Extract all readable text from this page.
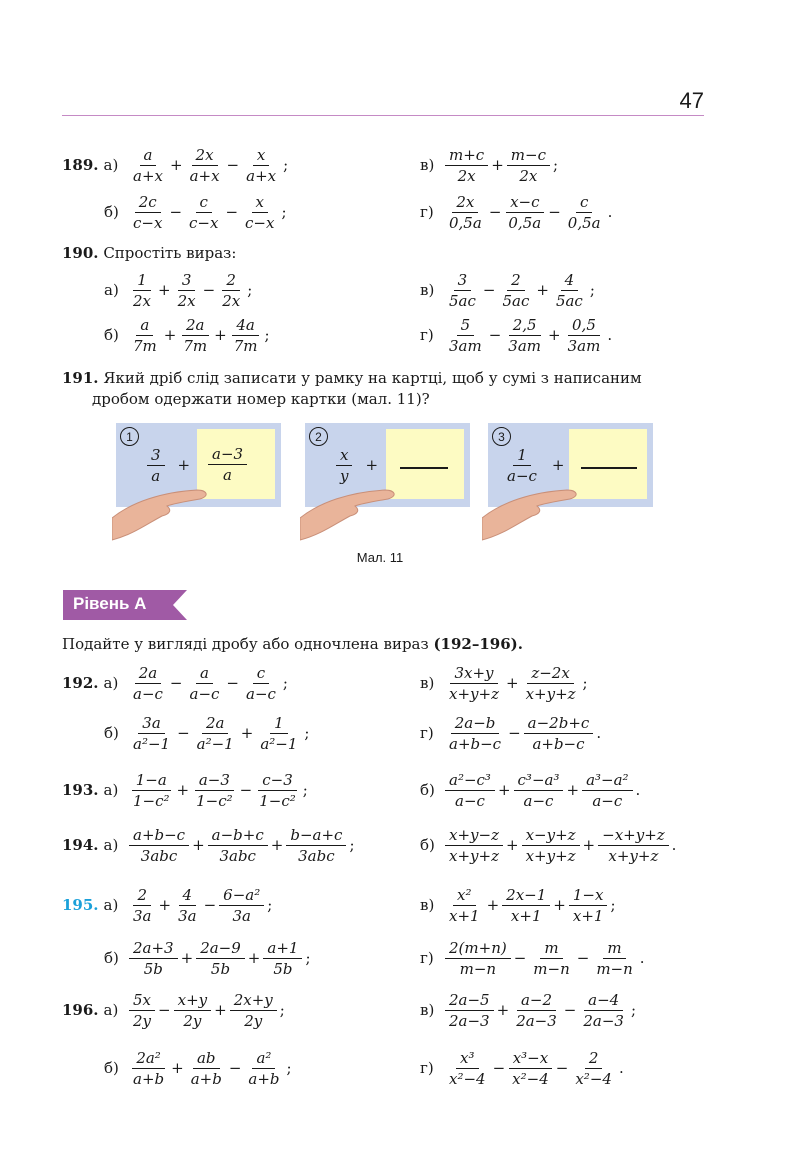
47
189. $а) \frac{a}{a+x} + \frac{2x}{a+x} - \frac{x}{a+x}$ ;	$в) \frac{m+c}{2x} + \frac{m-c}{2x}$ ;
$б) \frac{2c}{c-x} - \frac{c}{c-x} - \frac{x}{c-x}$ ;	$г) \frac{2x}{0,5a} - \frac{x-c}{0,5a} - \frac{c}{0,5a}$ .
190. Спростіть вираз:
$а) \frac{1}{2x} + \frac{3}{2x} - \frac{2}{2x}$ ;	$в) \frac{3}{5ac} - \frac{2}{5ac} + \frac{4}{5ac}$ ;
$б) \frac{a}{7m} + \frac{2a}{7m} + \frac{4a}{7m}$ ;	$г) \frac{5}{3am} - \frac{2,5}{3am} + \frac{0,5}{3am}$ .
191. Який дріб слід записати у рамку на картці, щоб у сумі з написаним
дробом одержати номер картки (мал. 11)?
1
$\frac{3}{a} + \frac{a-3}{a}$
2
$\frac{x}{y}$ +
3
$\frac{1}{a-c}$ +
Мал. 11
Рівень А
Подайте у вигляді дробу або одночлена вираз (192–196).
192. $а) \frac{2a}{a-c} - \frac{a}{a-c} - \frac{c}{a-c}$ ;	$в) \frac{3x+y}{x+y+z} + \frac{z-2x}{x+y+z}$ ;
$б) \frac{3a}{\text{a²−1}} - \frac{2a}{\text{a²−1}} + \frac{1}{\text{a²−1}}$ ;	$г) \frac{2a-b}{a+b-c} - \frac{a-2b+c}{a+b-c}$ .
193. $а) \frac{1-a}{\text{1−c²}} + \frac{a-3}{\text{1−c²}} - \frac{c-3}{\text{1−c²}}$ ;	$б) \frac{\text{a²−c³}}{a-c} + \frac{\text{c³−a³}}{a-c} + \frac{\text{a³−a²}}{a-c}$ .
194. $а) \frac{a+b-c}{\text{3abc}} + \frac{a-b+c}{\text{3abc}} + \frac{b-a+c}{\text{3abc}}$ ;	$б) \frac{x+y-z}{x+y+z} + \frac{x-y+z}{x+y+z} + \frac{-x+y+z}{x+y+z}$ .
195. $а) \frac{2}{3a} + \frac{4}{3a} - \frac{\text{6−a²}}{3a}$ ;	$в) \frac{\text{x²}}{x+1} + \frac{2x-1}{x+1} + \frac{1-x}{x+1}$ ;
$б) \frac{2a+3}{5b} + \frac{2a-9}{5b} + \frac{a+1}{5b}$ ;	$г) \frac{2(m+n)}{m-n} - \frac{m}{m-n} - \frac{m}{m-n}$ .
196. $а) \frac{5x}{2y} - \frac{x+y}{2y} + \frac{2x+y}{2y}$ ;	$в) \frac{2a-5}{2a-3} + \frac{a-2}{2a-3} - \frac{a-4}{2a-3}$ ;
$б) \frac{\text{2a²}}{a+b} + \frac{ab}{a+b} - \frac{\text{a²}}{a+b}$ ;	$г) \frac{\text{x³}}{\text{x²−4}} - \frac{\text{x³−x}}{\text{x²−4}} - \frac{2}{\text{x²−4}}$ .
